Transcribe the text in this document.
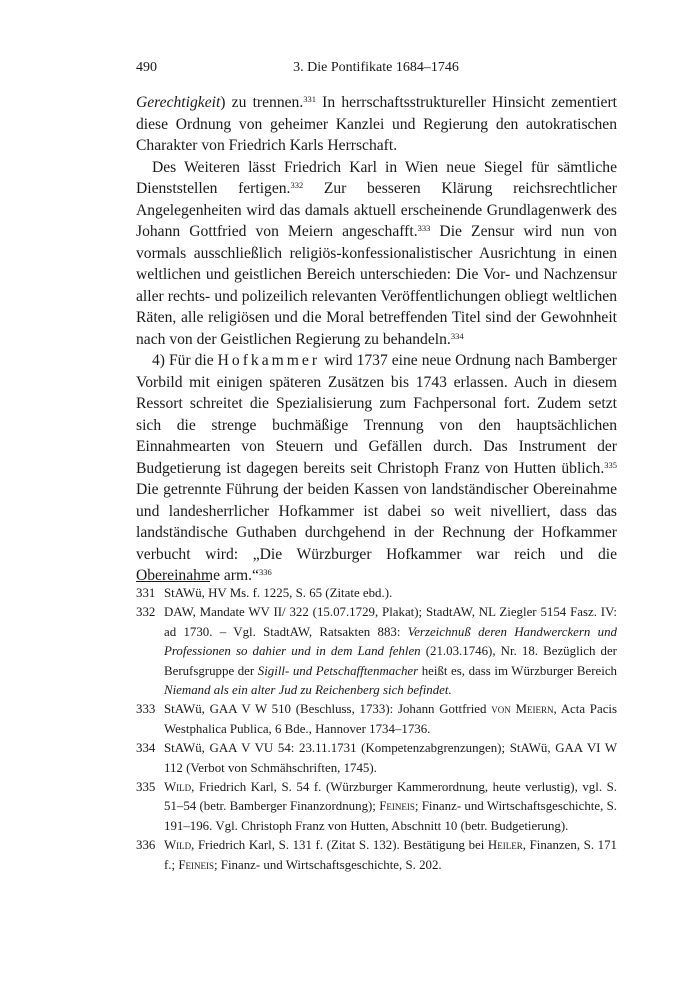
490	3. Die Pontifikate 1684–1746

Gerechtigkeit) zu trennen.$^{331}$ In herrschaftsstruktureller Hinsicht zementiert diese Ordnung von geheimer Kanzlei und Regierung den autokratischen Charakter von Friedrich Karls Herrschaft.

Des Weiteren lässt Friedrich Karl in Wien neue Siegel für sämtliche Dienststellen fertigen.$^{332}$ Zur besseren Klärung reichsrechtlicher Angelegenheiten wird das damals aktuell erscheinende Grundlagenwerk des Johann Gottfried von Meiern angeschafft.$^{333}$ Die Zensur wird nun von vormals ausschließlich religiös-konfessionalistischer Ausrichtung in einen weltlichen und geistlichen Bereich unterschieden: Die Vor- und Nachzensur aller rechts- und polizeilich relevanten Veröffentlichungen obliegt weltlichen Räten, alle religiösen und die Moral betreffenden Titel sind der Gewohnheit nach von der Geistlichen Regierung zu behandeln.$^{334}$

4) Für die Hofkammer wird 1737 eine neue Ordnung nach Bamberger Vorbild mit einigen späteren Zusätzen bis 1743 erlassen. Auch in diesem Ressort schreitet die Spezialisierung zum Fachpersonal fort. Zudem setzt sich die strenge buchmäßige Trennung von den hauptsächlichen Einnahmearten von Steuern und Gefällen durch. Das Instrument der Budgetierung ist dagegen bereits seit Christoph Franz von Hutten üblich.$^{335}$ Die getrennte Führung der beiden Kassen von landständischer Obereinahme und landesherrlicher Hofkammer ist dabei so weit nivelliert, dass das landständische Guthaben durchgehend in der Rechnung der Hofkammer verbucht wird: „Die Würzburger Hofkammer war reich und die Obereinahme arm.“$^{336}$

331 StAWü, HV Ms. f. 1225, S. 65 (Zitate ebd.).
332 DAW, Mandate WV II/ 322 (15.07.1729, Plakat); StadtAW, NL Ziegler 5154 Fasz. IV: ad 1730. – Vgl. StadtAW, Ratsakten 883: Verzeichnuß deren Handwerckern und Professionen so dahier und in dem Land fehlen (21.03.1746), Nr. 18. Bezüglich der Berufsgruppe der Sigill- und Petschafftenmacher heißt es, dass im Würzburger Bereich Niemand als ein alter Jud zu Reichenberg sich befindet.
333 StAWü, GAA V W 510 (Beschluss, 1733): Johann Gottfried von Meiern, Acta Pacis Westphalica Publica, 6 Bde., Hannover 1734–1736.
334 StAWü, GAA V VU 54: 23.11.1731 (Kompetenzabgrenzungen); StAWü, GAA VI W 112 (Verbot von Schmähschriften, 1745).
335 Wild, Friedrich Karl, S. 54 f. (Würzburger Kammerordnung, heute verlustig), vgl. S. 51–54 (betr. Bamberger Finanzordnung); Feineis; Finanz- und Wirtschaftsgeschichte, S. 191–196. Vgl. Christoph Franz von Hutten, Abschnitt 10 (betr. Budgetierung).
336 Wild, Friedrich Karl, S. 131 f. (Zitat S. 132). Bestätigung bei Heiler, Finanzen, S. 171 f.; Feineis; Finanz- und Wirtschaftsgeschichte, S. 202.
